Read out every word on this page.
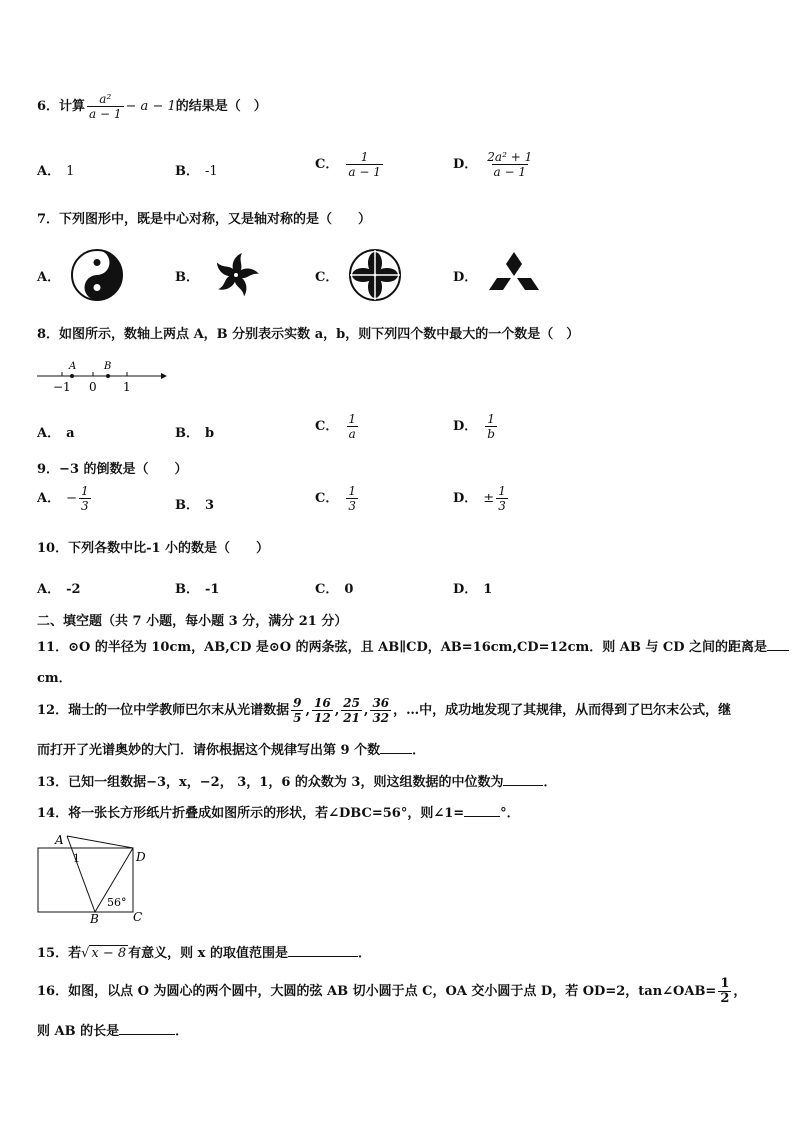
6．计算 $\frac{\text{a²}}{a - 1} - a - 1$的结果是（　）
A． 1	B． -1	C． $\frac{1}{a - 1}$	D． $\frac{\text{2a² + 1}}{a - 1}$
7．下列图形中，既是中心对称，又是轴对称的是（　　）
A．	B．	C．	D．
8．如图所示，数轴上两点 A，B 分别表示实数 a，b，则下列四个数中最大的一个数是（　）
A	B
−1 0 1
A． a	B． b	C． $\frac{1}{a}$	D． $\frac{1}{b}$
9．−3 的倒数是（　　）
A． − $\frac{1}{3}$	B． 3	C． $\frac{1}{3}$	D． ± $\frac{1}{3}$
10．下列各数中比-1 小的数是（　　）
A． -2	B． -1	C． 0	D． 1
二、填空题（共 7 小题，每小题 3 分，满分 21 分）
11．⊙O 的半径为 10cm，AB,CD 是⊙O 的两条弦，且 AB∥CD，AB=16cm,CD=12cm．则 AB 与 CD 之间的距离是
cm．
12．瑞士的一位中学教师巴尔末从光谱数据 $\frac{9}{5}$ , $\frac{16}{12}$ , $\frac{25}{21}$ , $\frac{36}{32}$ ，…中，成功地发现了其规律，从而得到了巴尔末公式，继
而打开了光谱奥妙的大门．请你根据这个规律写出第 9 个数 ．
13．已知一组数据−3，x，−2， 3，1，6 的众数为 3，则这组数据的中位数为	．
14．将一张长方形纸片折叠成如图所示的形状，若∠DBC=56°，则∠1=	°．
A
1	D
56°
B	C
15．若√ x − 8 有意义，则 x 的取值范围是	．
16．如图，以点 O 为圆心的两个圆中，大圆的弦 AB 切小圆于点 C，OA 交小圆于点 D，若 OD=2，tan∠OAB= $\frac{1}{2}$ ，
则 AB 的长是	．
